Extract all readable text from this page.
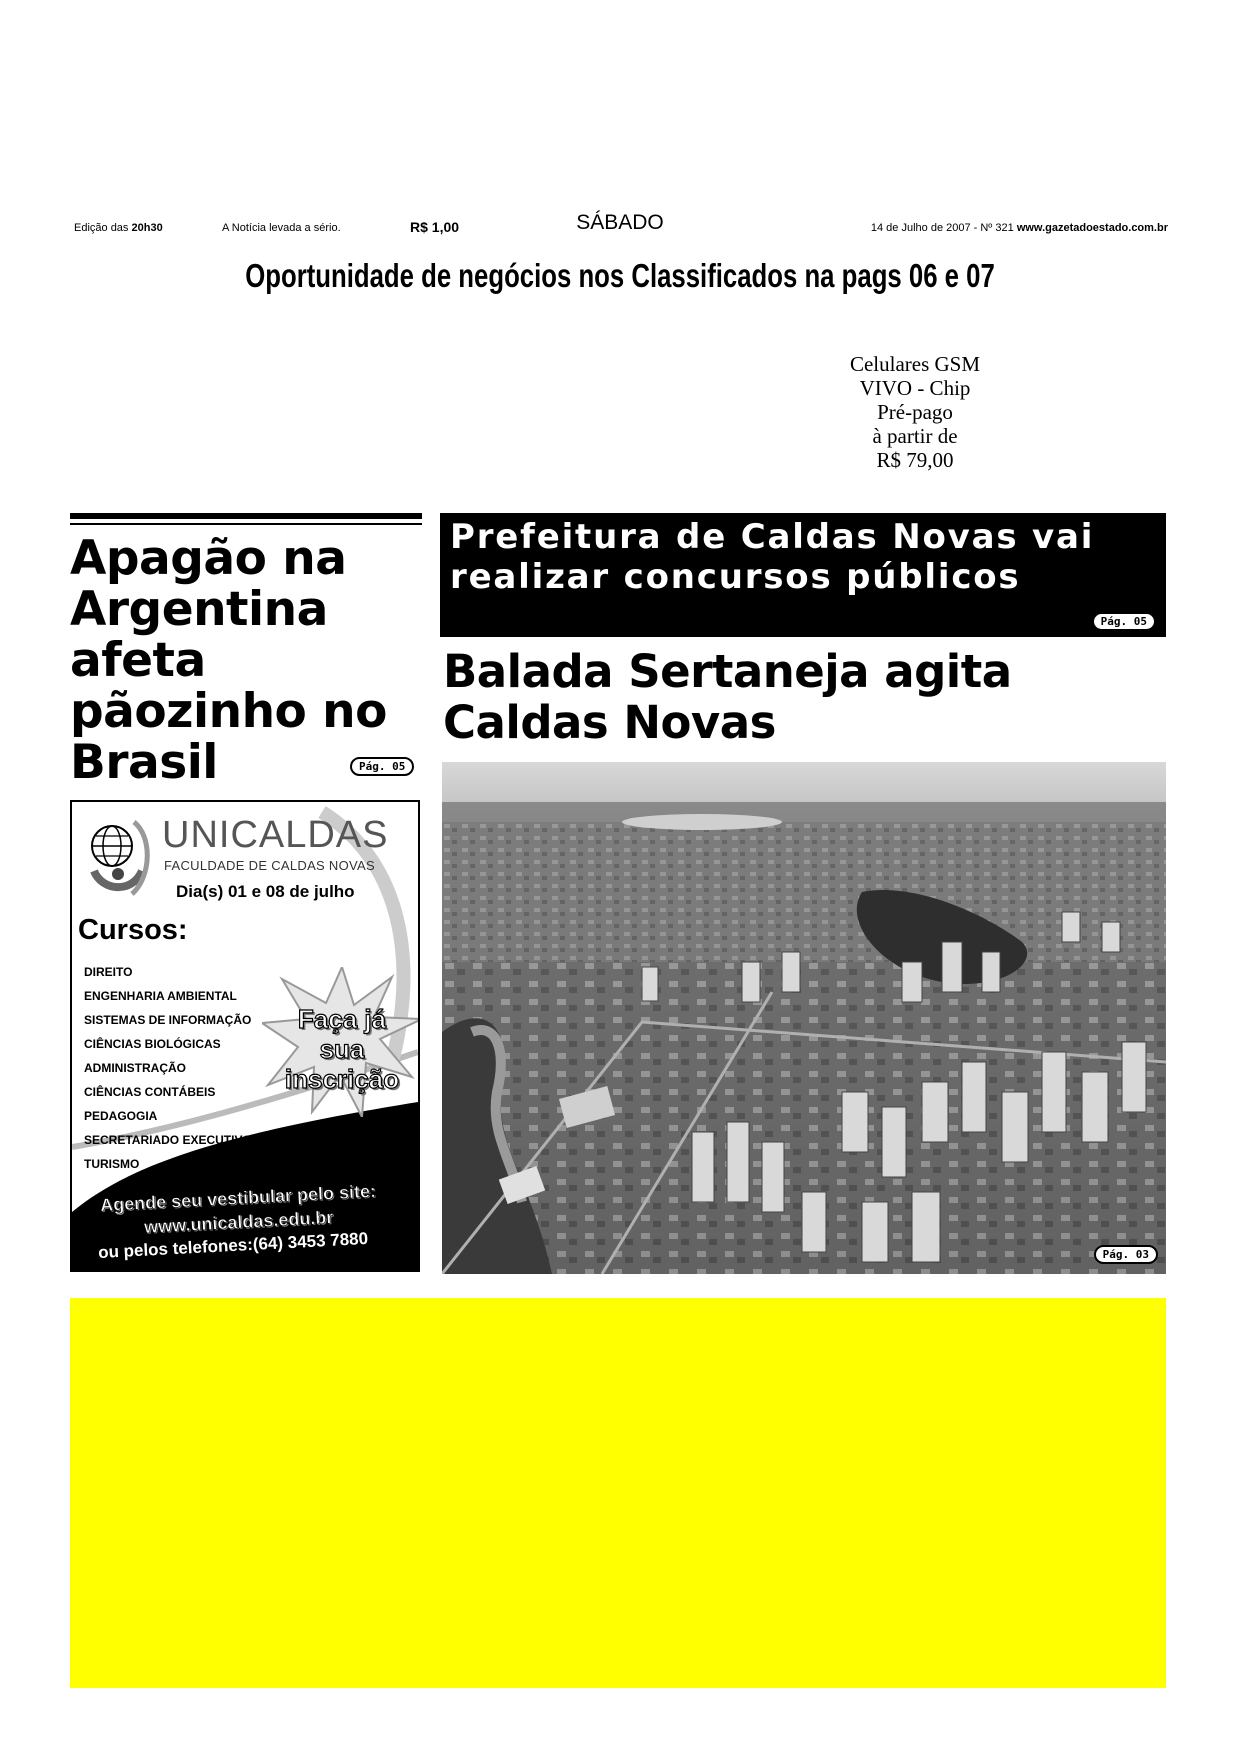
Edição das 20h30	A Notícia levada a sério.	R$ 1,00	SÁBADO	14 de Julho de 2007 - Nº 321 www.gazetadoestado.com.br
Oportunidade de negócios nos Classificados na pags 06 e 07
Celulares GSM
VIVO - Chip
Pré-pago
à partir de
R$ 79,00
Apagão na Argentina afeta pãozinho no Brasil	Pág. 05
UNICALDAS
FACULDADE DE CALDAS NOVAS
Dia(s) 01 e 08 de julho
Cursos:
DIREITO
ENGENHARIA AMBIENTAL
SISTEMAS DE INFORMAÇÃO
CIÊNCIAS BIOLÓGICAS
ADMINISTRAÇÃO
CIÊNCIAS CONTÁBEIS
PEDAGOGIA
SECRETARIADO EXECUTIVO
TURISMO
Faça já
sua
inscrição
Agende seu vestibular pelo site:
www.unicaldas.edu.br
ou pelos telefones:(64) 3453 7880
Prefeitura de Caldas Novas vai realizar concursos públicos
Pág. 05
Balada Sertaneja agita Caldas Novas
Pág. 03
